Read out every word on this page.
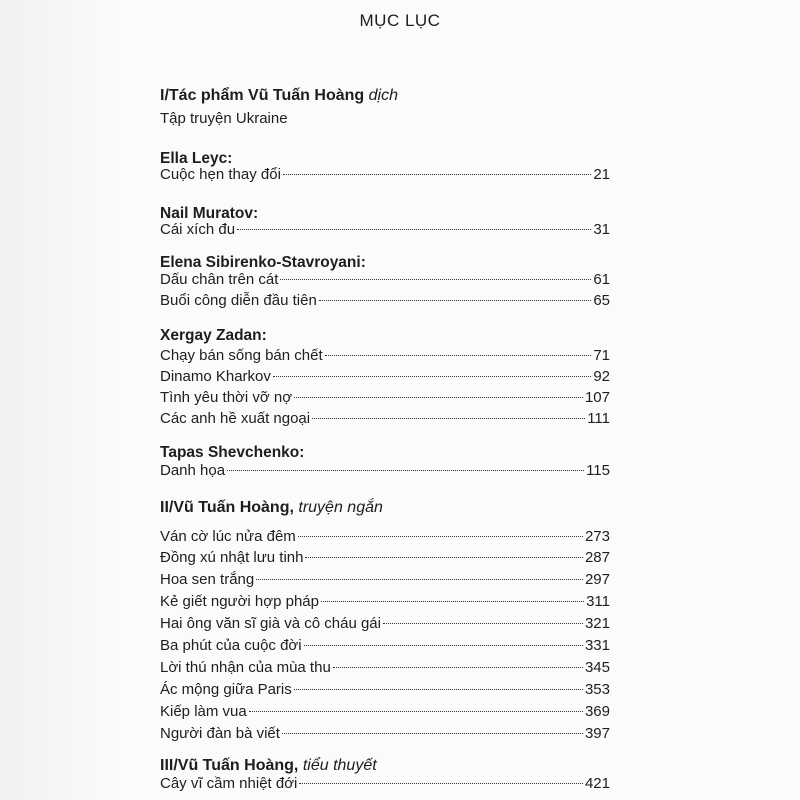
MỤC LỤC
I/Tác phẩm Vũ Tuấn Hoàng dịch
Tập truyện Ukraine
Ella Leyc:
Cuộc hẹn thay đổi	21
Nail Muratov:
Cái xích đu	31
Elena Sibirenko-Stavroyani:
Dấu chân trên cát	61
Buổi công diễn đầu tiên	65
Xergay Zadan:
Chạy bán sống bán chết	71
Dinamo Kharkov	92
Tình yêu thời vỡ nợ	107
Các anh hề xuất ngoại	111
Tapas Shevchenko:
Danh họa	115
II/Vũ Tuấn Hoàng, truyện ngắn
Ván cờ lúc nửa đêm	273
Đồng xú nhật lưu tinh	287
Hoa sen trắng	297
Kẻ giết người hợp pháp	311
Hai ông văn sĩ già và cô cháu gái	321
Ba phút của cuộc đời	331
Lời thú nhận của mùa thu	345
Ác mộng giữa Paris	353
Kiếp làm vua	369
Người đàn bà viết	397
III/Vũ Tuấn Hoàng, tiểu thuyết
Cây vĩ cầm nhiệt đới	421
